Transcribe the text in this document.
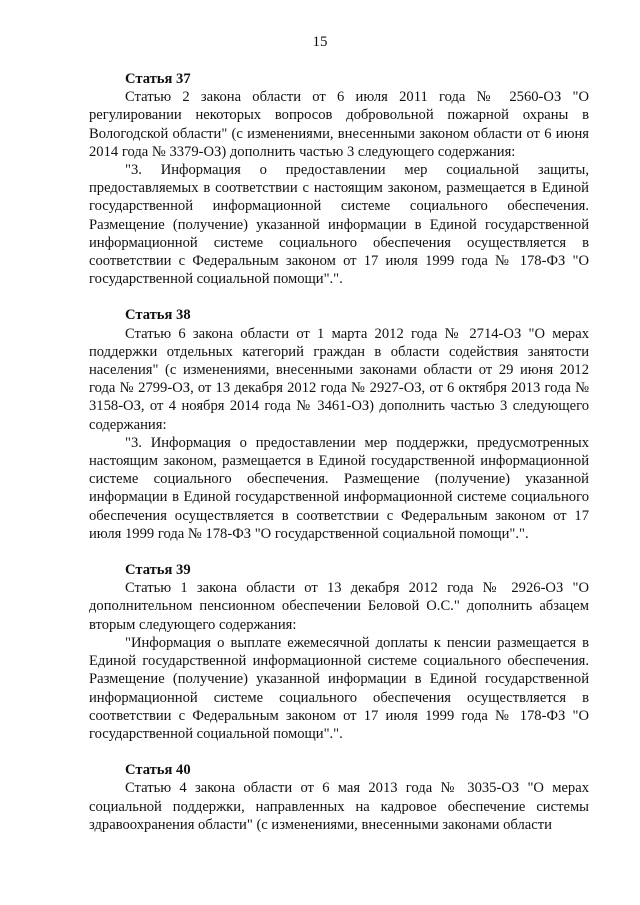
15

Статья 37

Статью 2 закона области от 6 июля 2011 года № 2560-ОЗ "О регулировании некоторых вопросов добровольной пожарной охраны в Вологодской области" (с изменениями, внесенными законом области от 6 июня 2014 года № 3379-ОЗ) дополнить частью 3 следующего содержания:

"3. Информация о предоставлении мер социальной защиты, предоставляемых в соответствии с настоящим законом, размещается в Единой государственной информационной системе социального обеспечения. Размещение (получение) указанной информации в Единой государственной информационной системе социального обеспечения осуществляется в соответствии с Федеральным законом от 17 июля 1999 года № 178-ФЗ "О государственной социальной помощи".".

Статья 38

Статью 6 закона области от 1 марта 2012 года № 2714-ОЗ "О мерах поддержки отдельных категорий граждан в области содействия занятости населения" (с изменениями, внесенными законами области от 29 июня 2012 года № 2799-ОЗ, от 13 декабря 2012 года № 2927-ОЗ, от 6 октября 2013 года № 3158-ОЗ, от 4 ноября 2014 года № 3461-ОЗ) дополнить частью 3 следующего содержания:

"3. Информация о предоставлении мер поддержки, предусмотренных настоящим законом, размещается в Единой государственной информационной системе социального обеспечения. Размещение (получение) указанной информации в Единой государственной информационной системе социального обеспечения осуществляется в соответствии с Федеральным законом от 17 июля 1999 года № 178-ФЗ "О государственной социальной помощи".".

Статья 39

Статью 1 закона области от 13 декабря 2012 года № 2926-ОЗ "О дополнительном пенсионном обеспечении Беловой О.С." дополнить абзацем вторым следующего содержания:

"Информация о выплате ежемесячной доплаты к пенсии размещается в Единой государственной информационной системе социального обеспечения. Размещение (получение) указанной информации в Единой государственной информационной системе социального обеспечения осуществляется в соответствии с Федеральным законом от 17 июля 1999 года № 178-ФЗ "О государственной социальной помощи".".

Статья 40

Статью 4 закона области от 6 мая 2013 года № 3035-ОЗ "О мерах социальной поддержки, направленных на кадровое обеспечение системы здравоохранения области" (с изменениями, внесенными законами области
